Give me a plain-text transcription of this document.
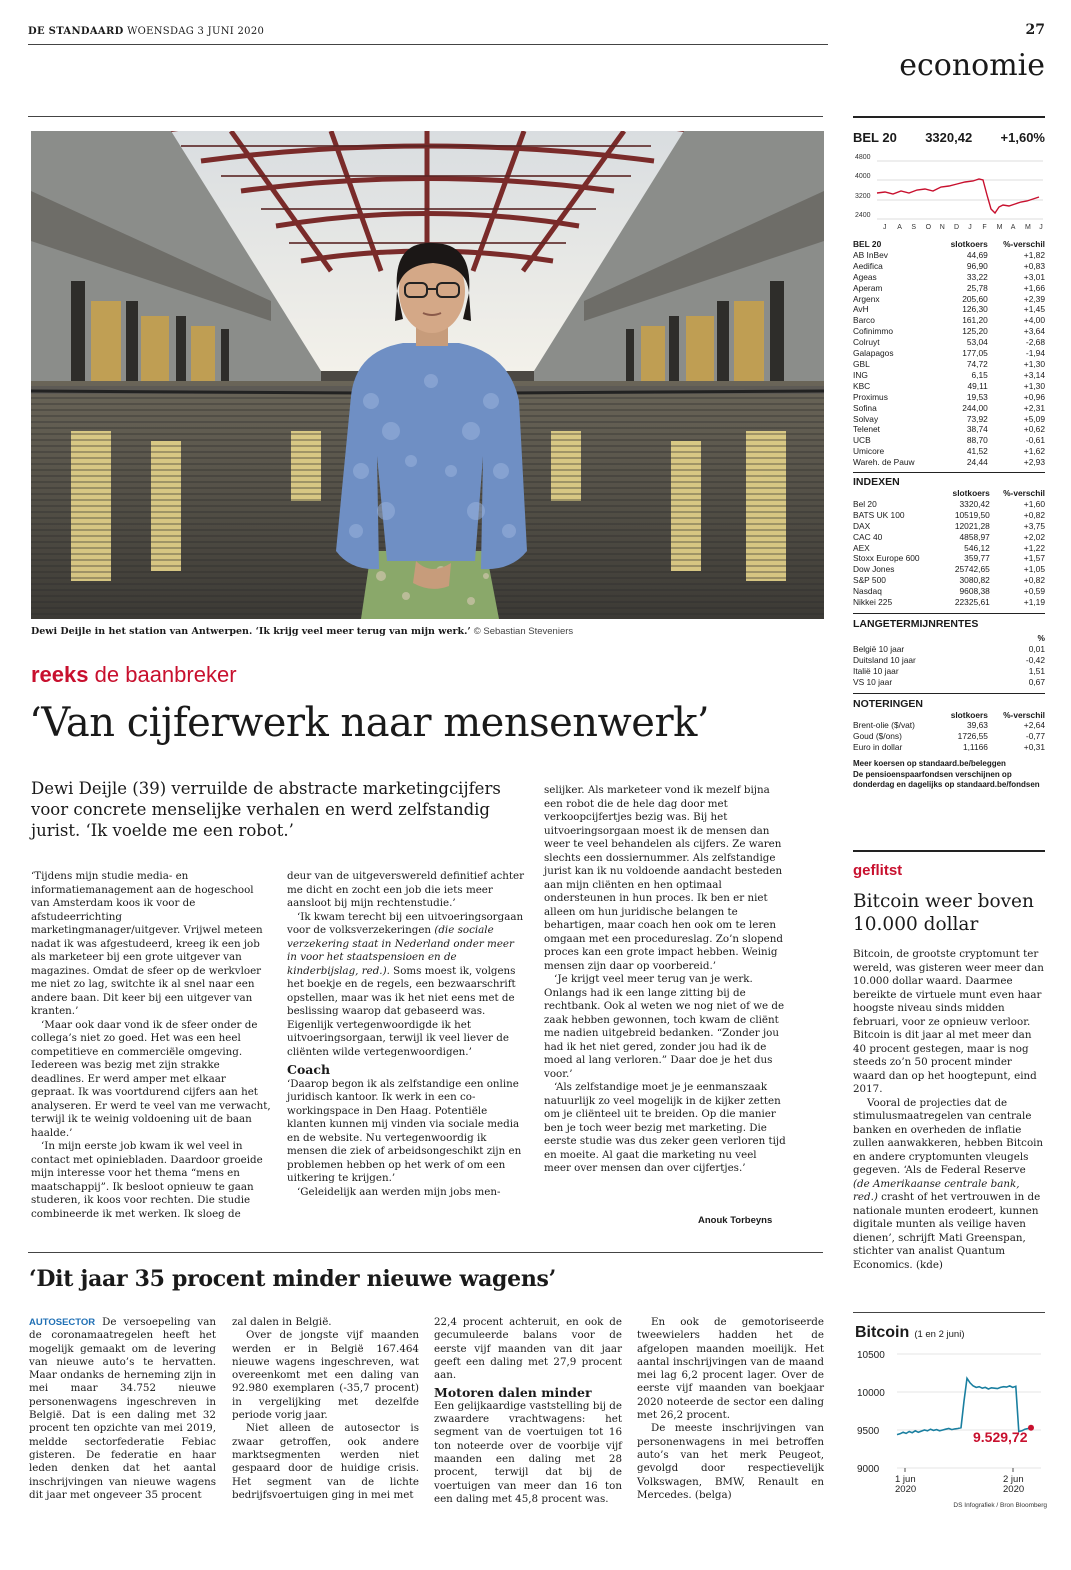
DE STANDAARD WOENSDAG 3 JUNI 2020	27
economie
Dewi Deijle in het station van Antwerpen. ‘Ik krijg veel meer terug van mijn werk.’ © Sebastian Steveniers
reeks de baanbreker
‘Van cijferwerk naar mensenwerk’
Dewi Deijle (39) verruilde de abstracte marketingcijfers voor concrete menselijke verhalen en werd zelfstandig jurist. ‘Ik voelde me een robot.’

‘Tijdens mijn studie media- en informatiemanagement aan de hogeschool van Amsterdam koos ik voor de afstudeerrichting marketingmanager/uitgever. Vrijwel meteen nadat ik was afgestudeerd, kreeg ik een job als marketeer bij een grote uitgever van magazines. Omdat de sfeer op de werkvloer me niet zo lag, switchte ik al snel naar een andere baan. Dit keer bij een uitgever van kranten.’

‘Maar ook daar vond ik de sfeer onder de collega’s niet zo goed. Het was een heel competitieve en commerciële omgeving. Iedereen was bezig met zijn strakke deadlines. Er werd amper met elkaar gepraat. Ik was voortdurend cijfers aan het analyseren. Er werd te veel van me verwacht, terwijl ik te weinig voldoening uit de baan haalde.’

‘In mijn eerste job kwam ik wel veel in contact met opiniebladen. Daardoor groeide mijn interesse voor het thema “mens en maatschappij”. Ik besloot opnieuw te gaan studeren, ik koos voor rechten. Die studie combineerde ik met werken. Ik sloeg de

deur van de uitgeverswereld definitief achter me dicht en zocht een job die iets meer aansloot bij mijn rechtenstudie.’

‘Ik kwam terecht bij een uitvoeringsorgaan voor de volksverzekeringen (die sociale verzekering staat in Nederland onder meer in voor het staatspensioen en de kinderbijslag, red.). Soms moest ik, volgens het boekje en de regels, een bezwaarschrift opstellen, maar was ik het niet eens met de beslissing waarop dat gebaseerd was. Eigenlijk vertegenwoordigde ik het uitvoeringsorgaan, terwijl ik veel liever de cliënten wilde vertegenwoordigen.’

Coach

‘Daarop begon ik als zelfstandige een online juridisch kantoor. Ik werk in een co-workingspace in Den Haag. Potentiële klanten kunnen mij vinden via sociale media en de website. Nu vertegenwoordig ik mensen die ziek of arbeidsongeschikt zijn en problemen hebben op het werk of om een uitkering te krijgen.’

‘Geleidelijk aan werden mijn jobs men-

selijker. Als marketeer vond ik mezelf bijna een robot die de hele dag door met verkoopcijfertjes bezig was. Bij het uitvoeringsorgaan moest ik de mensen dan weer te veel behandelen als cijfers. Ze waren slechts een dossiernummer. Als zelfstandige jurist kan ik nu voldoende aandacht besteden aan mijn cliënten en hen optimaal ondersteunen in hun proces. Ik ben er niet alleen om hun juridische belangen te behartigen, maar coach hen ook om te leren omgaan met een procedureslag. Zo’n slopend proces kan een grote impact hebben. Weinig mensen zijn daar op voorbereid.’

‘Je krijgt veel meer terug van je werk. Onlangs had ik een lange zitting bij de rechtbank. Ook al weten we nog niet of we de zaak hebben gewonnen, toch kwam de cliënt me nadien uitgebreid bedanken. “Zonder jou had ik het niet gered, zonder jou had ik de moed al lang verloren.” Daar doe je het dus voor.’

‘Als zelfstandige moet je je eenmanszaak natuurlijk zo veel mogelijk in de kijker zetten om je cliënteel uit te breiden. Op die manier ben je toch weer bezig met marketing. Die eerste studie was dus zeker geen verloren tijd en moeite. Al gaat die marketing nu veel meer over mensen dan over cijfertjes.’

Anouk Torbeyns
BEL 20 3320,42 +1,60%
4800
4000
3200
2400
J A S O N D J F M A M J
BEL 20	slotkoers	%-verschil
AB InBev	44,69	+1,82
Aedifica	96,90	+0,83
Ageas	33,22	+3,01
Aperam	25,78	+1,66
Argenx	205,60	+2,39
AvH	126,30	+1,45
Barco	161,20	+4,00
Cofinimmo	125,20	+3,64
Colruyt	53,04	-2,68
Galapagos	177,05	-1,94
GBL	74,72	+1,30
ING	6,15	+3,14
KBC	49,11	+1,30
Proximus	19,53	+0,96
Sofina	244,00	+2,31
Solvay	73,92	+5,09
Telenet	38,74	+0,62
UCB	88,70	-0,61
Umicore	41,52	+1,62
Wareh. de Pauw	24,44	+2,93
INDEXEN
	slotkoers	%-verschil
Bel 20	3320,42	+1,60
BATS UK 100	10519,50	+0,82
DAX	12021,28	+3,75
CAC 40	4858,97	+2,02
AEX	546,12	+1,22
Stoxx Europe 600	359,77	+1,57
Dow Jones	25742,65	+1,05
S&P 500	3080,82	+0,82
Nasdaq	9608,38	+0,59
Nikkei 225	22325,61	+1,19
LANGETERMIJNRENTES
	%
België 10 jaar	0,01
Duitsland 10 jaar	-0,42
Italië 10 jaar	1,51
VS 10 jaar	0,67
NOTERINGEN
	slotkoers	%-verschil
Brent-olie ($/vat)	39,63	+2,64
Goud ($/ons)	1726,55	-0,77
Euro in dollar	1,1166	+0,31
Meer koersen op standaard.be/beleggen
De pensioenspaarfondsen verschijnen op donderdag en dagelijks op standaard.be/fondsen
geflitst
Bitcoin weer boven 10.000 dollar
Bitcoin, de grootste cryptomunt ter wereld, was gisteren weer meer dan 10.000 dollar waard. Daarmee bereikte de virtuele munt even haar hoogste niveau sinds midden februari, voor ze opnieuw verloor. Bitcoin is dit jaar al met meer dan 40 procent gestegen, maar is nog steeds zo’n 50 procent minder waard dan op het hoogtepunt, eind 2017.
Vooral de projecties dat de stimulusmaatregelen van centrale banken en overheden de inflatie zullen aanwakkeren, hebben Bitcoin en andere cryptomunten vleugels gegeven. ‘Als de Federal Reserve (de Amerikaanse centrale bank, red.) crasht of het vertrouwen in de nationale munten erodeert, kunnen digitale munten als veilige haven dienen’, schrijft Mati Greenspan, stichter van analist Quantum Economics. (kde)
Bitcoin (1 en 2 juni)
10500
10000
9500
9000
9.529,72
1 jun
2020
2 jun
2020
DS Infografiek / Bron Bloomberg
‘Dit jaar 35 procent minder nieuwe wagens’
AUTOSECTOR De versoepeling van de coronamaatregelen heeft het mogelijk gemaakt om de levering van nieuwe auto’s te hervatten. Maar ondanks de herneming zijn in mei maar 34.752 nieuwe personenwagens ingeschreven in België. Dat is een daling met 32 procent ten opzichte van mei 2019, meldde sectorfederatie Febiac gisteren. De federatie en haar leden denken dat het aantal inschrijvingen van nieuwe wagens dit jaar met ongeveer 35 procent

zal dalen in België.

Over de jongste vijf maanden werden er in België 167.464 nieuwe wagens ingeschreven, wat overeenkomt met een daling van 92.980 exemplaren (-35,7 procent) in vergelijking met dezelfde periode vorig jaar.

Niet alleen de autosector is zwaar getroffen, ook andere marktsegmenten werden niet gespaard door de huidige crisis. Het segment van de lichte bedrijfsvoertuigen ging in mei met

22,4 procent achteruit, en ook de gecumuleerde balans voor de eerste vijf maanden van dit jaar geeft een daling met 27,9 procent aan.

Motoren dalen minder

Een gelijkaardige vaststelling bij de zwaardere vrachtwagens: het segment van de voertuigen tot 16 ton noteerde over de voorbije vijf maanden een daling met 28 procent, terwijl dat bij de voertuigen van meer dan 16 ton een daling met 45,8 procent was.

En ook de gemotoriseerde tweewielers hadden het de afgelopen maanden moeilijk. Het aantal inschrijvingen van de maand mei lag 6,2 procent lager. Over de eerste vijf maanden van boekjaar 2020 noteerde de sector een daling met 26,2 procent.

De meeste inschrijvingen van personenwagens in mei betroffen auto’s van het merk Peugeot, gevolgd door respectievelijk Volkswagen, BMW, Renault en Mercedes. (belga)
